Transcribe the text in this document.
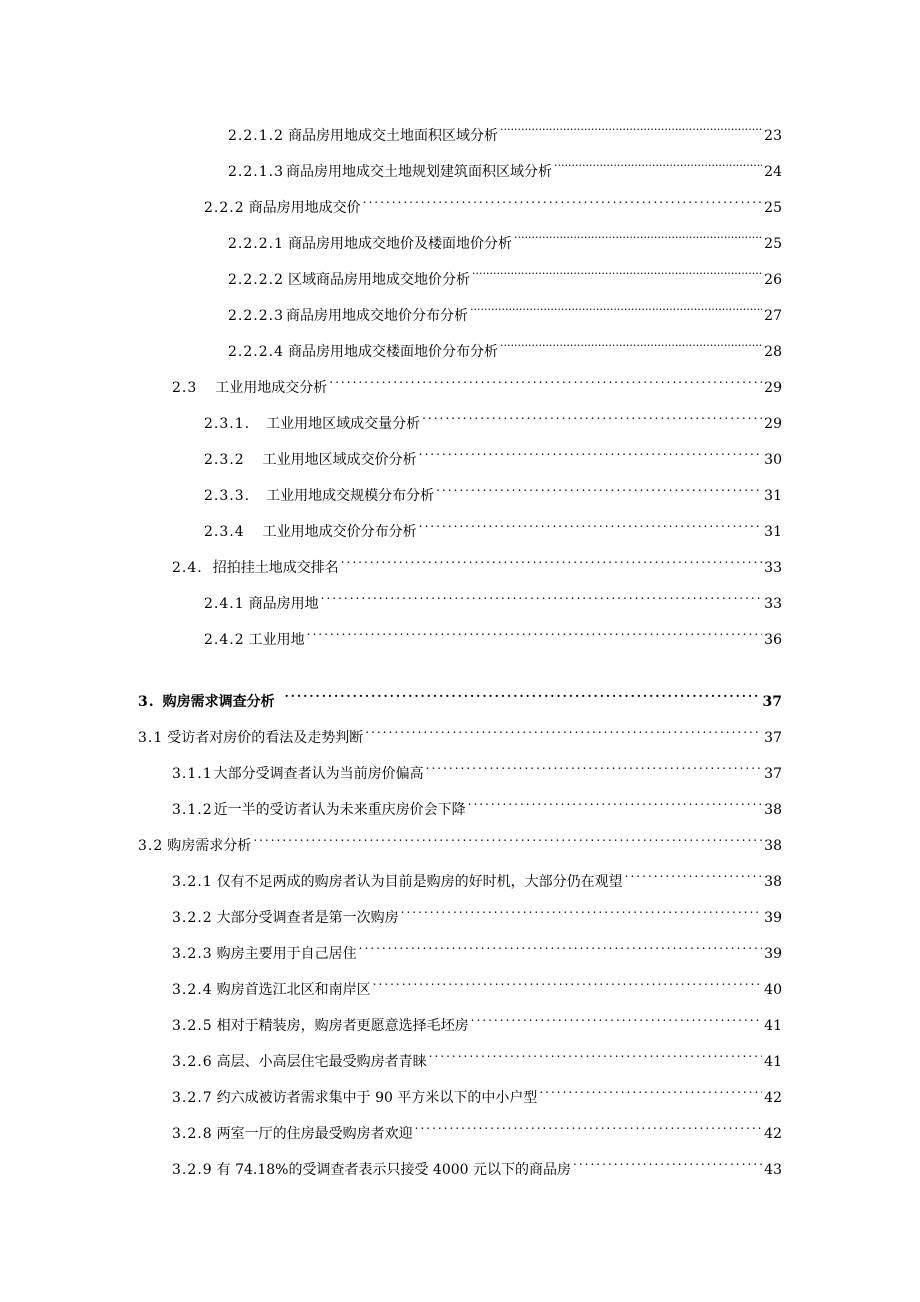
2.2.1.2 商品房用地成交土地面积区域分析 .....	23
2.2.1.3 商品房用地成交土地规划建筑面积区域分析 .....	24
2.2.2 商品房用地成交价 .....	25
2.2.2.1 商品房用地成交地价及楼面地价分析 .....	25
2.2.2.2 区域商品房用地成交地价分析 .....	26
2.2.2.3 商品房用地成交地价分布分析 .....	27
2.2.2.4 商品房用地成交楼面地价分布分析 .....	28
2.3 工业用地成交分析 .....	29
2.3.1. 工业用地区域成交量分析 .....	29
2.3.2 工业用地区域成交价分析 .....	30
2.3.3. 工业用地成交规模分布分析 .....	31
2.3.4 工业用地成交价分布分析 .....	31
2.4. 招拍挂土地成交排名 .....	33
2.4.1 商品房用地 .....	33
2.4.2 工业用地 .....	36
3. 购房需求调查分析 .....	37
3.1 受访者对房价的看法及走势判断 .....	37
3.1.1 大部分受调查者认为当前房价偏高 .....	37
3.1.2 近一半的受访者认为未来重庆房价会下降 .....	38
3.2 购房需求分析 .....	38
3.2.1 仅有不足两成的购房者认为目前是购房的好时机，大部分仍在观望 .....	38
3.2.2 大部分受调查者是第一次购房 .....	39
3.2.3 购房主要用于自己居住 .....	39
3.2.4 购房首选江北区和南岸区 .....	40
3.2.5 相对于精装房，购房者更愿意选择毛坯房 .....	41
3.2.6 高层、小高层住宅最受购房者青睐 .....	41
3.2.7 约六成被访者需求集中于 90 平方米以下的中小户型 .....	42
3.2.8 两室一厅的住房最受购房者欢迎 .....	42
3.2.9 有 74.18%的受调查者表示只接受 4000 元以下的商品房 .....	43
